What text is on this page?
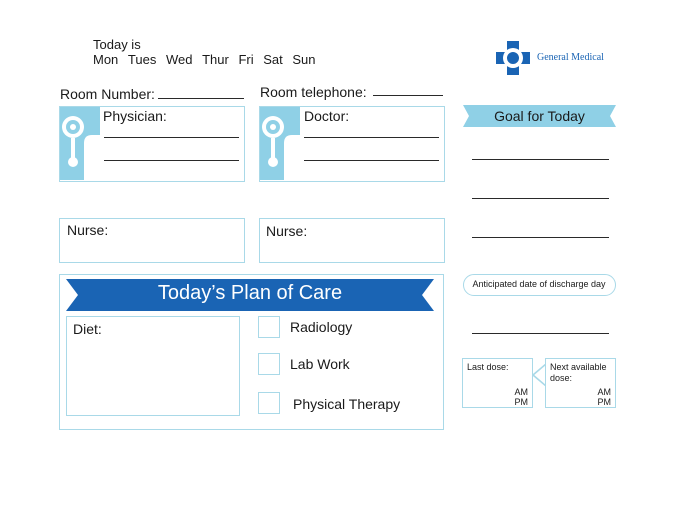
Today is
Mon Tues Wed Thur Fri Sat Sun	General Medical
Room Number:	Room telephone:
Physician:	Doctor:
Nurse:	Nurse:
Today’s Plan of Care
Diet:	Radiology
Lab Work
Physical Therapy
Goal for Today
Anticipated date of discharge day
Last dose:
AM
PM
Next available dose:
AM
PM
